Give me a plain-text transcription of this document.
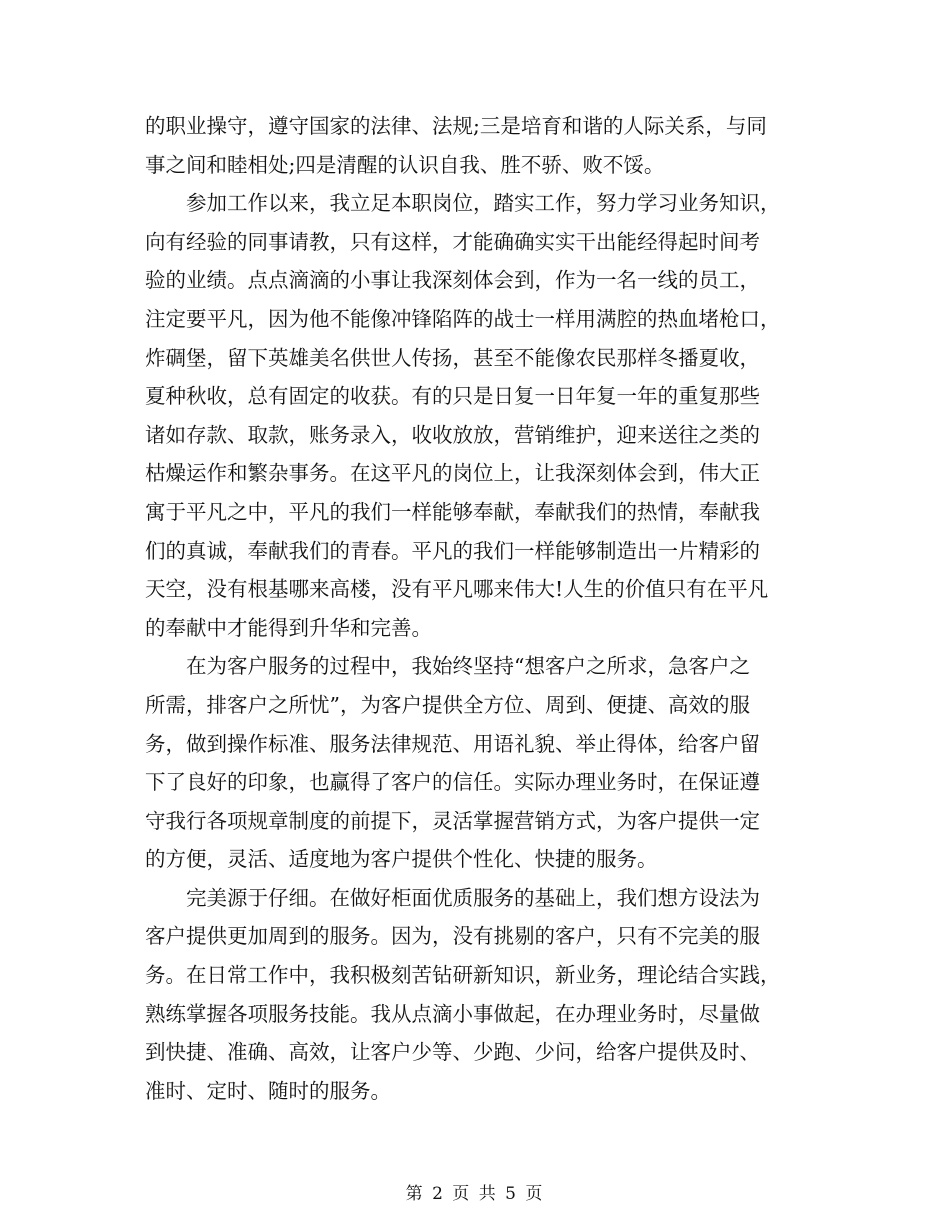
的职业操守，遵守国家的法律、法规;三是培育和谐的人际关系，与同
事之间和睦相处;四是清醒的认识自我、胜不骄、败不馁。

　　参加工作以来，我立足本职岗位，踏实工作，努力学习业务知识，
向有经验的同事请教，只有这样，才能确确实实干出能经得起时间考
验的业绩。点点滴滴的小事让我深刻体会到，作为一名一线的员工，
注定要平凡，因为他不能像冲锋陷阵的战士一样用满腔的热血堵枪口，
炸碉堡，留下英雄美名供世人传扬，甚至不能像农民那样冬播夏收，
夏种秋收，总有固定的收获。有的只是日复一日年复一年的重复那些
诸如存款、取款，账务录入，收收放放，营销维护，迎来送往之类的
枯燥运作和繁杂事务。在这平凡的岗位上，让我深刻体会到，伟大正
寓于平凡之中，平凡的我们一样能够奉献，奉献我们的热情，奉献我
们的真诚，奉献我们的青春。平凡的我们一样能够制造出一片精彩的
天空，没有根基哪来高楼，没有平凡哪来伟大!人生的价值只有在平凡
的奉献中才能得到升华和完善。

　　在为客户服务的过程中，我始终坚持“想客户之所求，急客户之
所需，排客户之所忧”，为客户提供全方位、周到、便捷、高效的服
务，做到操作标准、服务法律规范、用语礼貌、举止得体，给客户留
下了良好的印象，也赢得了客户的信任。实际办理业务时，在保证遵
守我行各项规章制度的前提下，灵活掌握营销方式，为客户提供一定
的方便，灵活、适度地为客户提供个性化、快捷的服务。

　　完美源于仔细。在做好柜面优质服务的基础上，我们想方设法为
客户提供更加周到的服务。因为，没有挑剔的客户，只有不完美的服
务。在日常工作中，我积极刻苦钻研新知识，新业务，理论结合实践，
熟练掌握各项服务技能。我从点滴小事做起，在办理业务时，尽量做
到快捷、准确、高效，让客户少等、少跑、少问，给客户提供及时、
准时、定时、随时的服务。

第 2 页 共 5 页
